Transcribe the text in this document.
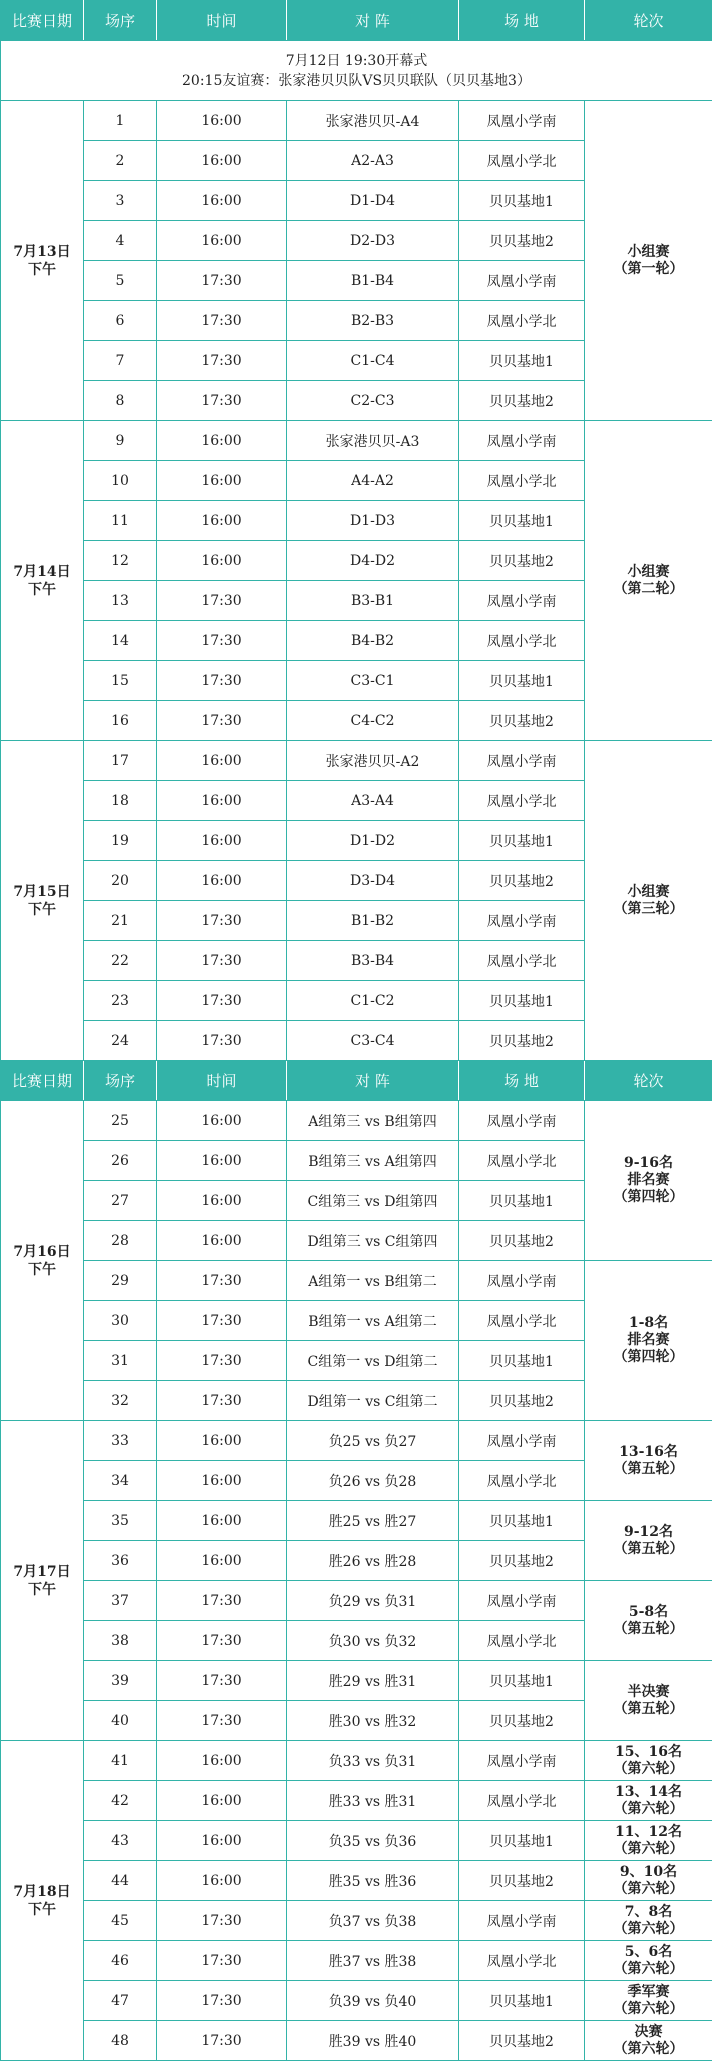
比赛日期	场序	时间	对 阵	场 地	轮次

7月12日 19:30开幕式
20:15友谊赛：张家港贝贝队VS贝贝联队（贝贝基地3）					

7月13日
下午	1	16:00	张家港贝贝-A4	凤凰小学南	小组赛
（第一轮）

	2	16:00	A2-A3	凤凰小学北	
	3	16:00	D1-D4	贝贝基地1	
	4	16:00	D2-D3	贝贝基地2	
	5	17:30	B1-B4	凤凰小学南	
	6	17:30	B2-B3	凤凰小学北	
	7	17:30	C1-C4	贝贝基地1	
	8	17:30	C2-C3	贝贝基地2	

7月14日
下午	9	16:00	张家港贝贝-A3	凤凰小学南	小组赛
（第二轮）

	10	16:00	A4-A2	凤凰小学北	
	11	16:00	D1-D3	贝贝基地1	
	12	16:00	D4-D2	贝贝基地2	
	13	17:30	B3-B1	凤凰小学南	
	14	17:30	B4-B2	凤凰小学北	
	15	17:30	C3-C1	贝贝基地1	
	16	17:30	C4-C2	贝贝基地2	

7月15日
下午	17	16:00	张家港贝贝-A2	凤凰小学南	小组赛
（第三轮）

	18	16:00	A3-A4	凤凰小学北	
	19	16:00	D1-D2	贝贝基地1	
	20	16:00	D3-D4	贝贝基地2	
	21	17:30	B1-B2	凤凰小学南	
	22	17:30	B3-B4	凤凰小学北	
	23	17:30	C1-C2	贝贝基地1	
	24	17:30	C3-C4	贝贝基地2	
比赛日期	场序	时间	对 阵	场 地	轮次

7月16日
下午	25	16:00	A组第三 vs B组第四	凤凰小学南	9-16名
排名赛
（第四轮）

	26	16:00	B组第三 vs A组第四	凤凰小学北	
	27	16:00	C组第三 vs D组第四	贝贝基地1	
	28	16:00	D组第三 vs C组第四	贝贝基地2	
	29	17:30	A组第一 vs B组第二	凤凰小学南	1-8名
排名赛
（第四轮）

	30	17:30	B组第一 vs A组第二	凤凰小学北	
	31	17:30	C组第一 vs D组第二	贝贝基地1	
	32	17:30	D组第一 vs C组第二	贝贝基地2	

7月17日
下午	33	16:00	负25 vs 负27	凤凰小学南	13-16名
（第五轮）

	34	16:00	负26 vs 负28	凤凰小学北	
	35	16:00	胜25 vs 胜27	贝贝基地1	9-12名
（第五轮）

	36	16:00	胜26 vs 胜28	贝贝基地2	
	37	17:30	负29 vs 负31	凤凰小学南	5-8名
（第五轮）

	38	17:30	负30 vs 负32	凤凰小学北	
	39	17:30	胜29 vs 胜31	贝贝基地1	半决赛
（第五轮）

	40	17:30	胜30 vs 胜32	贝贝基地2	

7月18日
下午	41	16:00	负33 vs 负31	凤凰小学南	15、16名
（第六轮）

	42	16:00	胜33 vs 胜31	凤凰小学北	13、14名
（第六轮）

	43	16:00	负35 vs 负36	贝贝基地1	11、12名
（第六轮）

	44	16:00	胜35 vs 胜36	贝贝基地2	9、10名
（第六轮）

	45	17:30	负37 vs 负38	凤凰小学南	7、8名
（第六轮）

	46	17:30	胜37 vs 胜38	凤凰小学北	5、6名
（第六轮）

	47	17:30	负39 vs 负40	贝贝基地1	季军赛
（第六轮）

	48	17:30	胜39 vs 胜40	贝贝基地2	决赛
（第六轮）
